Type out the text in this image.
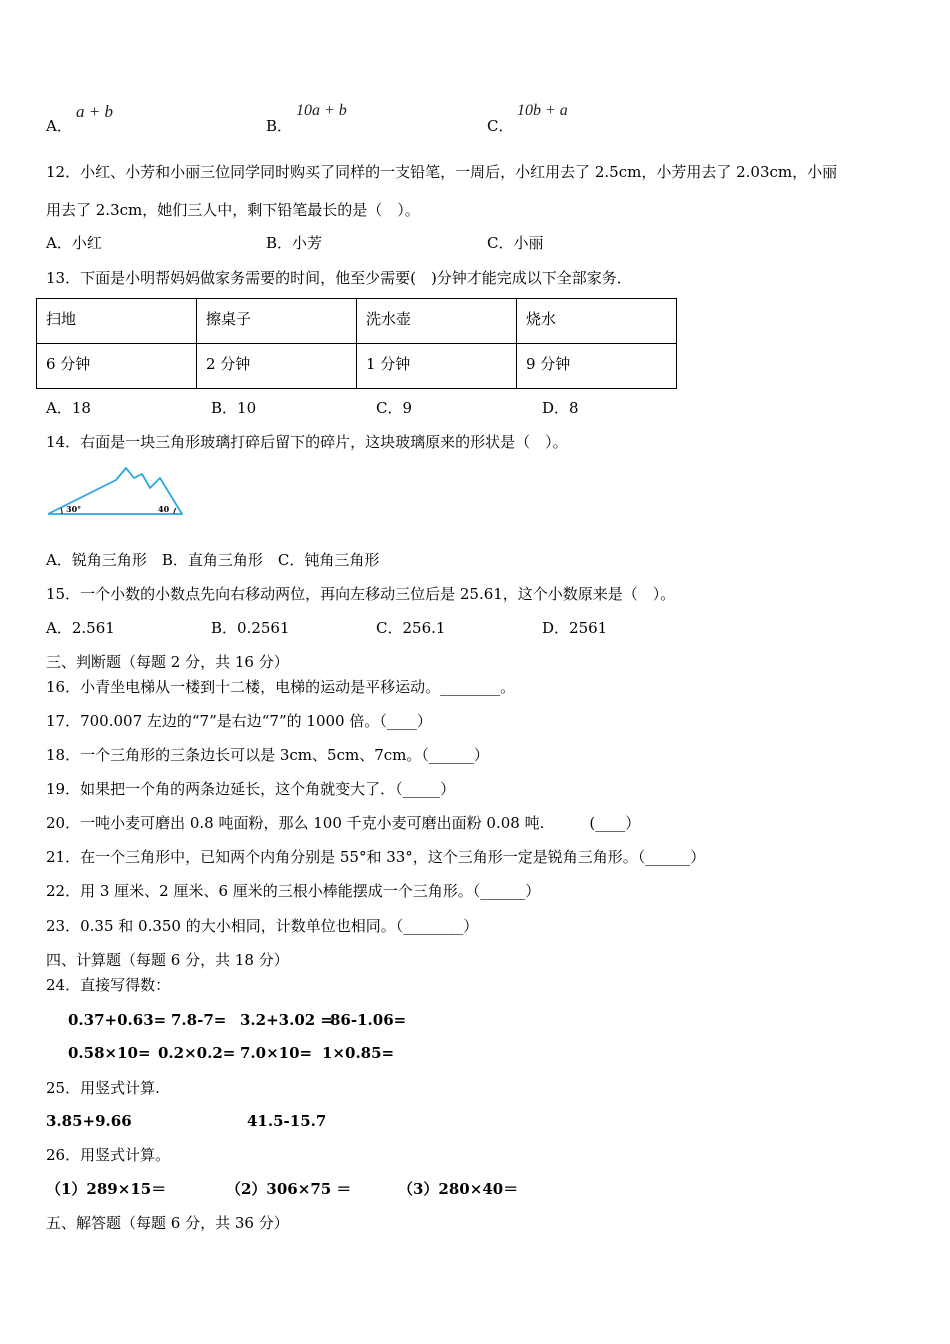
A．
a + b
B．
10a + b
C．
10b + a
12．小红、小芳和小丽三位同学同时购买了同样的一支铅笔，一周后，小红用去了 2.5cm，小芳用去了 2.03cm，小丽
用去了 2.3cm，她们三人中，剩下铅笔最长的是（　）。
A．小红	B．小芳	C．小丽
13．下面是小明帮妈妈做家务需要的时间，他至少需要(　)分钟才能完成以下全部家务．
扫地	擦桌子	洗水壶	烧水

6 分钟	2 分钟	1 分钟	9 分钟
A．18	B．10	C．9	D．8
14．右面是一块三角形玻璃打碎后留下的碎片，这块玻璃原来的形状是（　）。
30°	40
A．锐角三角形　B．直角三角形　C．钝角三角形
15．一个小数的小数点先向右移动两位，再向左移动三位后是 25.61，这个小数原来是（　）。
A．2.561	B．0.2561	C．256.1	D．2561
三、判断题（每题 2 分，共 16 分）
16．小青坐电梯从一楼到十二楼，电梯的运动是平移运动。________。
17．700.007 左边的“7”是右边“7”的 1000 倍。（____）
18．一个三角形的三条边长可以是 3cm、5cm、7cm。（______）
19．如果把一个角的两条边延长，这个角就变大了．（_____）
20．一吨小麦可磨出 0.8 吨面粉，那么 100 千克小麦可磨出面粉 0.08 吨.　　　(____）
21．在一个三角形中，已知两个内角分别是 55°和 33°，这个三角形一定是锐角三角形。（______）
22．用 3 厘米、2 厘米、6 厘米的三根小棒能摆成一个三角形。（______）
23．0.35 和 0.350 的大小相同，计数单位也相同。（________）
四、计算题（每题 6 分，共 18 分）
24．直接写得数：
0.37+0.63= 7.8-7= 3.2+3.02 =
86-1.06=
0.58×10= 0.2×0.2= 7.0×10= 1×0.85=
25．用竖式计算.
3.85+9.66	41.5-15.7
26．用竖式计算。
（1）289×15＝	（2）306×75 ＝	（3）280×40＝
五、解答题（每题 6 分，共 36 分）
